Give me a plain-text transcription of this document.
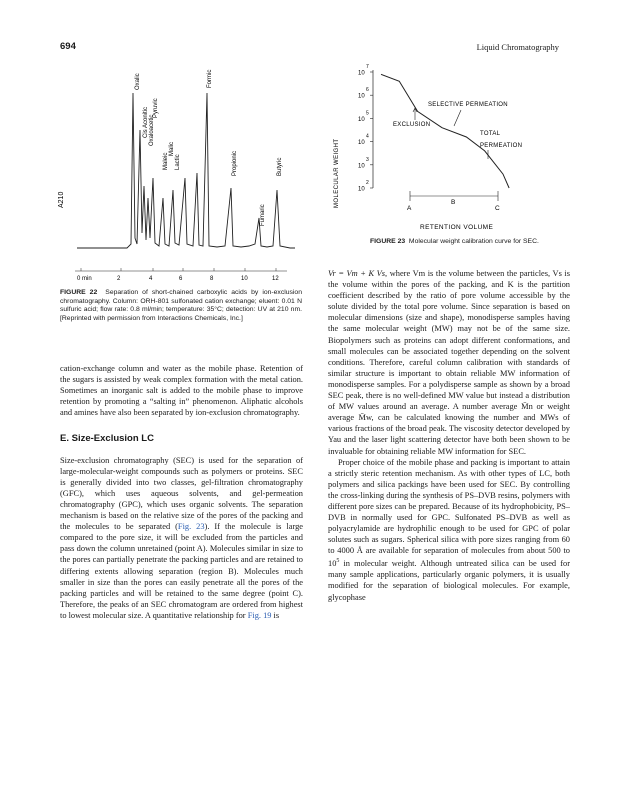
694	Liquid Chromatography
A210
Oxalic
Cis Aconitic Oxaloacetic
Pyruvic
Maleic
Malic
Lactic
Formic
Propionic
Fumaric
Butyric
0 min	2	4	6	8	10	12
FIGURE 22 Separation of short-chained carboxylic acids by ion-exclusion chromatography. Column: ORH-801 sulfonated cation exchange; eluent: 0.01 N sulfuric acid; flow rate: 0.8 ml/min; temperature: 35°C; detection: UV at 210 nm. [Reprinted with permission from Interactions Chemicals, Inc.]
MOLECULAR WEIGHT	10
2
10
3
10
4
10
5
10
6
10
7
A
B
C
RETENTION VOLUME
SELECTIVE PERMEATION
EXCLUSION
TOTAL
PERMEATION
FIGURE 23 Molecular weight calibration curve for SEC.

cation-exchange column and water as the mobile phase. Retention of the sugars is assisted by weak complex formation with the metal cation. Sometimes an inorganic salt is added to the mobile phase to improve retention by promoting a “salting in” phenomenon. Aliphatic alcohols and amines have also been separated by ion-exclusion chromatography.

E. Size-Exclusion LC

Size-exclusion chromatography (SEC) is used for the separation of large-molecular-weight compounds such as polymers or proteins. SEC is generally divided into two classes, gel-filtration chromatography (GFC), which uses aqueous solvents, and gel-permeation chromatography (GPC), which uses organic solvents. The separation mechanism is based on the relative size of the pores of the packing and the molecules to be separated (Fig. 23). If the molecule is large compared to the pore size, it will be excluded from the particles and pass down the column unretained (point A). Molecules similar in size to the pores can partially penetrate the packing particles and are retained to differing extents allowing separation (region B). Molecules much smaller in size than the pores can easily penetrate all the pores of the packing particles and will be retained to the same degree (point C). Therefore, the peaks of an SEC chromatogram are ordered from highest to lowest molecular size. A quantitative relationship for Fig. 19 is

Vr = Vm + K Vs, where Vm is the volume between the particles, Vs is the volume within the pores of the packing, and K is the partition coefficient described by the ratio of pore volume accessible by the solute divided by the total pore volume. Since separation is based on molecular dimensions (size and shape), monodisperse samples having the same molecular weight (MW) may not be of the same size. Biopolymers such as proteins can adopt different conformations, and small molecules can be associated together depending on the solvent conditions. Therefore, careful column calibration with standards of similar structure is important to obtain reliable MW information of monodisperse samples. For a polydisperse sample as shown by a broad SEC peak, there is no well-defined MW value but instead a distribution of MW values around an average. A number average M̄n or weight average M̄w, can be calculated knowing the number and MWs of various fractions of the broad peak. The viscosity detector developed by Yau and the laser light scattering detector have both been shown to be invaluable for obtaining reliable MW information for SEC.

Proper choice of the mobile phase and packing is important to attain a strictly steric retention mechanism. As with other types of LC, both polymers and silica packings have been used for SEC. By controlling the cross-linking during the synthesis of PS–DVB resins, polymers with different pore sizes can be prepared. Because of its hydrophobicity, PS–DVB in normally used for GPC. Sulfonated PS–DVB as well as polyacrylamide are hydrophilic enough to be used for GPC of polar solutes such as sugars. Spherical silica with pore sizes ranging from 60 to 4000 Å are available for separation of molecules from about 500 to $10^5$ in molecular weight. Although untreated silica can be used for many sample applications, particularly organic polymers, it is usually modified for the separation of biological molecules. For example, glycophase
